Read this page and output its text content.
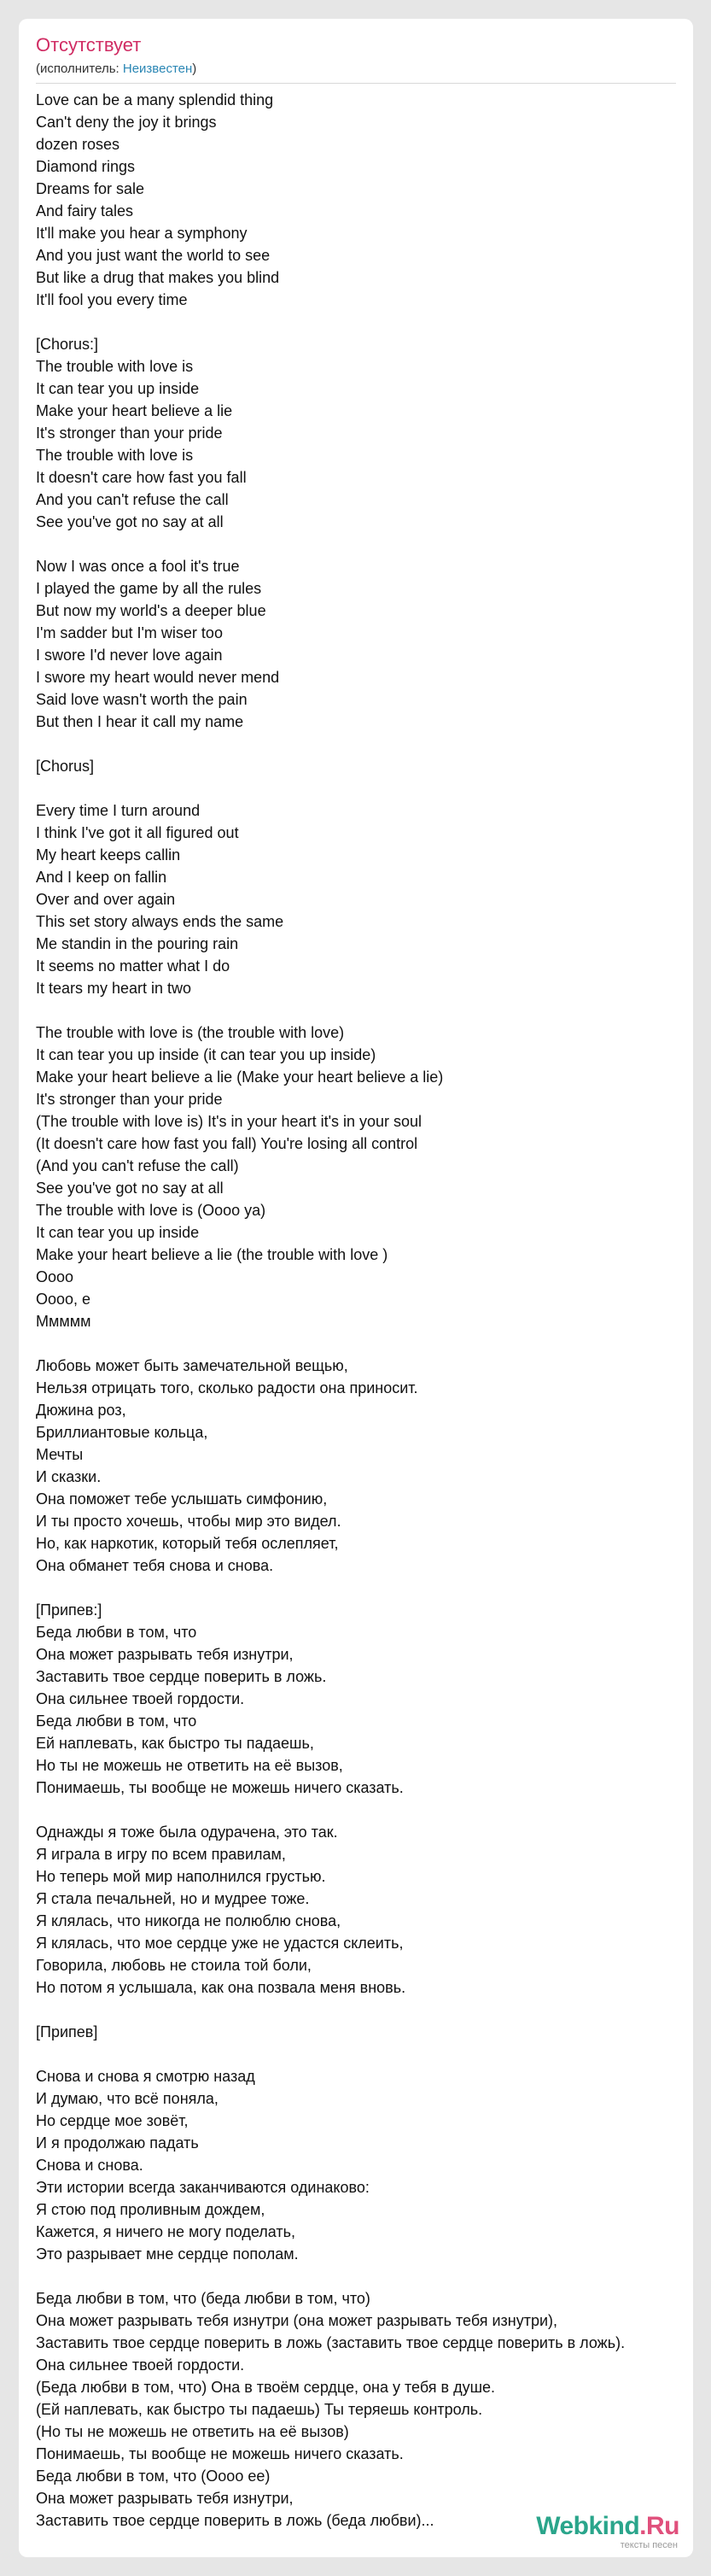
Отсутствует
(исполнитель: Неизвестен)
Love can be a many splendid thing
Can't deny the joy it brings
dozen roses
Diamond rings
Dreams for sale
And fairy tales
It'll make you hear a symphony
And you just want the world to see
But like a drug that makes you blind
It'll fool you every time
[Chorus:]
The trouble with love is
It can tear you up inside
Make your heart believe a lie
It's stronger than your pride
The trouble with love is
It doesn't care how fast you fall
And you can't refuse the call
See you've got no say at all
Now I was once a fool it's true
I played the game by all the rules
But now my world's a deeper blue
I'm sadder but I'm wiser too
I swore I'd never love again
I swore my heart would never mend
Said love wasn't worth the pain
But then I hear it call my name
[Chorus]
Every time I turn around
I think I've got it all figured out
My heart keeps callin
And I keep on fallin
Over and over again
This set story always ends the same
Me standin in the pouring rain
It seems no matter what I do
It tears my heart in two
The trouble with love is (the trouble with love)
It can tear you up inside (it can tear you up inside)
Make your heart believe a lie (Make your heart believe a lie)
It's stronger than your pride
(The trouble with love is) It's in your heart it's in your soul
(It doesn't care how fast you fall) You're losing all control
(And you can't refuse the call)
See you've got no say at all
The trouble with love is (Oooo ya)
It can tear you up inside
Make your heart believe a lie (the trouble with love )
Oooo
Oooo, e
Mмммм
Любовь может быть замечательной вещью,
Нельзя отрицать того, сколько радости она приносит.
Дюжина роз,
Бриллиантовые кольца,
Мечты
И сказки.
Она поможет тебе услышать симфонию,
И ты просто хочешь, чтобы мир это видел.
Но, как наркотик, который тебя ослепляет,
Она обманет тебя снова и снова.
[Припев:]
Беда любви в том, что
Она может разрывать тебя изнутри,
Заставить твое сердце поверить в ложь.
Она сильнее твоей гордости.
Беда любви в том, что
Ей наплевать, как быстро ты падаешь,
Но ты не можешь не ответить на её вызов,
Понимаешь, ты вообще не можешь ничего сказать.
Однажды я тоже была одурачена, это так.
Я играла в игру по всем правилам,
Но теперь мой мир наполнился грустью.
Я стала печальней, но и мудрее тоже.
Я клялась, что никогда не полюблю снова,
Я клялась, что мое сердце уже не удастся склеить,
Говорила, любовь не стоила той боли,
Но потом я услышала, как она позвала меня вновь.
[Припев]
Снова и снова я смотрю назад
И думаю, что всё поняла,
Но сердце мое зовёт,
И я продолжаю падать
Снова и снова.
Эти истории всегда заканчиваются одинаково:
Я стою под проливным дождем,
Кажется, я ничего не могу поделать,
Это разрывает мне сердце пополам.
Беда любви в том, что (беда любви в том, что)
Она может разрывать тебя изнутри (она может разрывать тебя изнутри),
Заставить твое сердце поверить в ложь (заставить твое сердце поверить в ложь).
Она сильнее твоей гордости.
(Беда любви в том, что) Она в твоём сердце, она у тебя в душе.
(Ей наплевать, как быстро ты падаешь) Ты теряешь контроль.
(Но ты не можешь не ответить на её вызов)
Понимаешь, ты вообще не можешь ничего сказать.
Беда любви в том, что (Оооо ее)
Она может разрывать тебя изнутри,
Заставить твое сердце поверить в ложь (беда любви)...	Webkind.Ru
тексты песен
